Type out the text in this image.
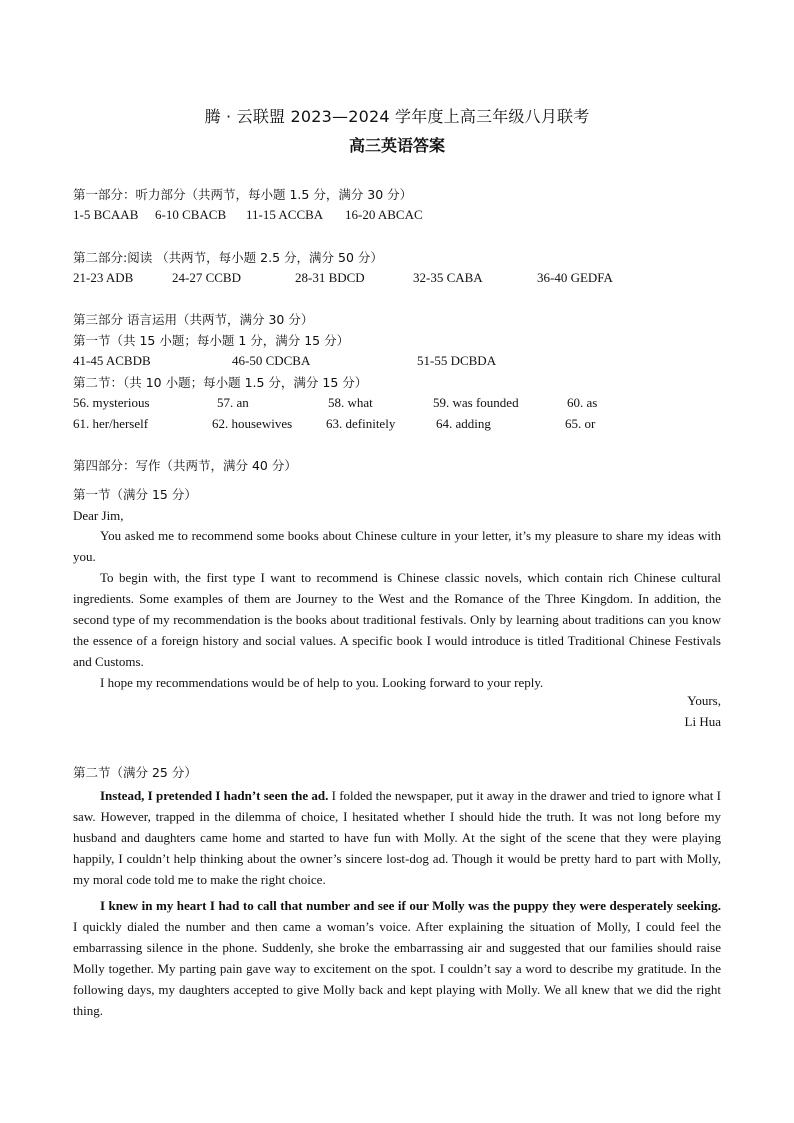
腾 · 云联盟 2023—2024 学年度上高三年级八月联考
高三英语答案
第一部分：听力部分（共两节，每小题 1.5 分，满分 30 分）
1-5 BCAAB 6-10 CBACB 11-15 ACCBA 16-20 ABCAC
第二部分:阅读 （共两节，每小题 2.5 分，满分 50 分）
21-23 ADB	24-27 CCBD	28-31 BDCD	32-35 CABA	36-40 GEDFA
第三部分 语言运用（共两节，满分 30 分）
第一节（共 15 小题；每小题 1 分，满分 15 分）
41-45 ACBDB	46-50 CDCBA	51-55 DCBDA
第二节：（共 10 小题；每小题 1.5 分，满分 15 分）
56. mysterious	57. an	58. what	59. was founded	60. as
61. her/herself	62. housewives	63. definitely	64. adding	65. or
第四部分：写作（共两节，满分 40 分）
第一节（满分 15 分）
Dear Jim,

You asked me to recommend some books about Chinese culture in your letter, it’s my pleasure to share my ideas with you.

To begin with, the first type I want to recommend is Chinese classic novels, which contain rich Chinese cultural ingredients. Some examples of them are Journey to the West and the Romance of the Three Kingdom. In addition, the second type of my recommendation is the books about traditional festivals. Only by learning about traditions can you know the essence of a foreign history and social values. A specific book I would introduce is titled Traditional Chinese Festivals and Customs.

I hope my recommendations would be of help to you. Looking forward to your reply.

Yours,
Li Hua
第二节（满分 25 分）

Instead, I pretended I hadn’t seen the ad. I folded the newspaper, put it away in the drawer and tried to ignore what I saw. However, trapped in the dilemma of choice, I hesitated whether I should hide the truth. It was not long before my husband and daughters came home and started to have fun with Molly. At the sight of the scene that they were playing happily, I couldn’t help thinking about the owner’s sincere lost-dog ad. Though it would be pretty hard to part with Molly, my moral code told me to make the right choice.

I knew in my heart I had to call that number and see if our Molly was the puppy they were desperately seeking. I quickly dialed the number and then came a woman’s voice. After explaining the situation of Molly, I could feel the embarrassing silence in the phone. Suddenly, she broke the embarrassing air and suggested that our families should raise Molly together. My parting pain gave way to excitement on the spot. I couldn’t say a word to describe my gratitude. In the following days, my daughters accepted to give Molly back and kept playing with Molly. We all knew that we did the right thing.
